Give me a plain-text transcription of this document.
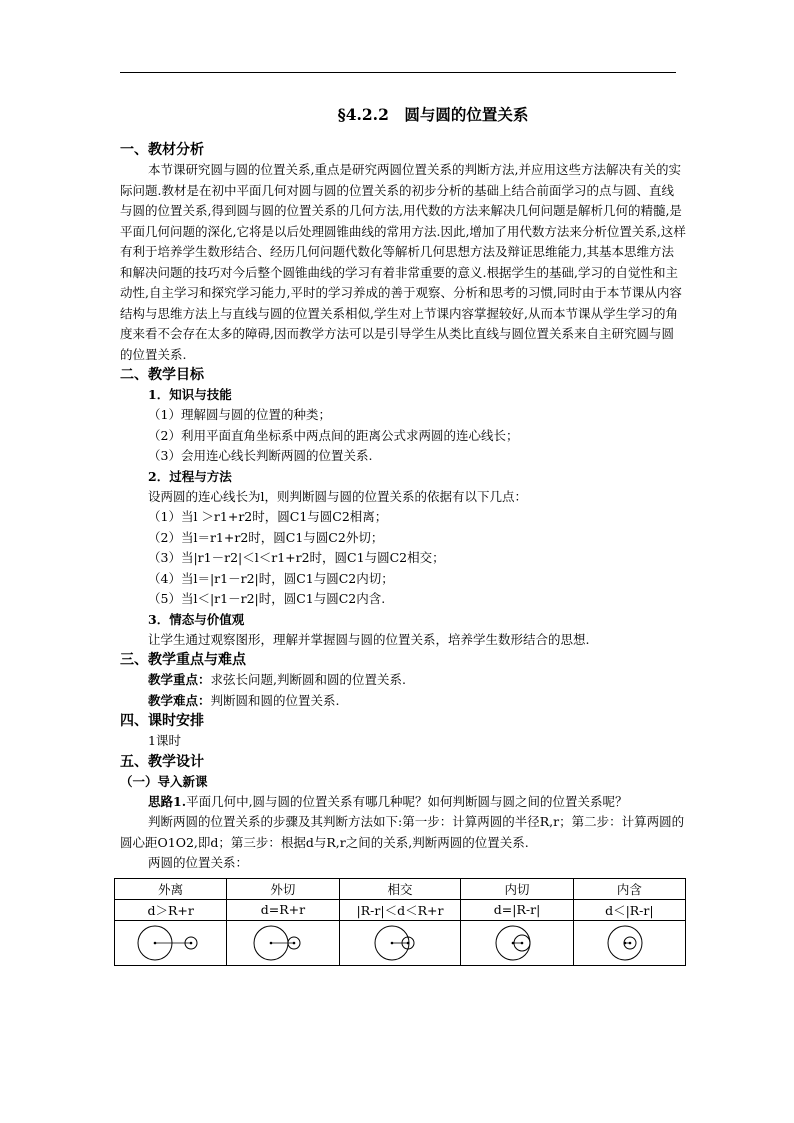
§4.2.2　圆与圆的位置关系
一、教材分析

本节课研究圆与圆的位置关系,重点是研究两圆位置关系的判断方法,并应用这些方法解决有关的实际问题.教材是在初中平面几何对圆与圆的位置关系的初步分析的基础上结合前面学习的点与圆、直线与圆的位置关系,得到圆与圆的位置关系的几何方法,用代数的方法来解决几何问题是解析几何的精髓,是平面几何问题的深化,它将是以后处理圆锥曲线的常用方法.因此,增加了用代数方法来分析位置关系,这样有利于培养学生数形结合、经历几何问题代数化等解析几何思想方法及辩证思维能力,其基本思维方法和解决问题的技巧对今后整个圆锥曲线的学习有着非常重要的意义.根据学生的基础,学习的自觉性和主动性,自主学习和探究学习能力,平时的学习养成的善于观察、分析和思考的习惯,同时由于本节课从内容结构与思维方法上与直线与圆的位置关系相似,学生对上节课内容掌握较好,从而本节课从学生学习的角度来看不会存在太多的障碍,因而教学方法可以是引导学生从类比直线与圆位置关系来自主研究圆与圆的位置关系.

二、教学目标
1．知识与技能

（1）理解圆与圆的位置的种类；

（2）利用平面直角坐标系中两点间的距离公式求两圆的连心线长；

（3）会用连心线长判断两圆的位置关系.

2．过程与方法

设两圆的连心线长为l，则判断圆与圆的位置关系的依据有以下几点：

（1）当l ＞r1+r2时，圆C1与圆C2相离；

（2）当l＝r1+r2时，圆C1与圆C2外切；

（3）当|r1－r2|＜l＜r1+r2时，圆C1与圆C2相交；

（4）当l＝|r1－r2|时，圆C1与圆C2内切；

（5）当l＜|r1－r2|时，圆C1与圆C2内含.

3．情态与价值观

让学生通过观察图形，理解并掌握圆与圆的位置关系，培养学生数形结合的思想.

三、教学重点与难点

教学重点：求弦长问题,判断圆和圆的位置关系.

教学难点：判断圆和圆的位置关系.

四、课时安排

1课时

五、教学设计
（一）导入新课

思路1.平面几何中,圆与圆的位置关系有哪几种呢？如何判断圆与圆之间的位置关系呢？

判断两圆的位置关系的步骤及其判断方法如下:第一步：计算两圆的半径R,r；第二步：计算两圆的圆心距O1O2,即d；第三步：根据d与R,r之间的关系,判断两圆的位置关系.

两圆的位置关系：

外离	外切	相交	内切	内含
d＞R+r	d=R+r	|R-r|＜d＜R+r	d=|R-r|	d＜|R-r|
